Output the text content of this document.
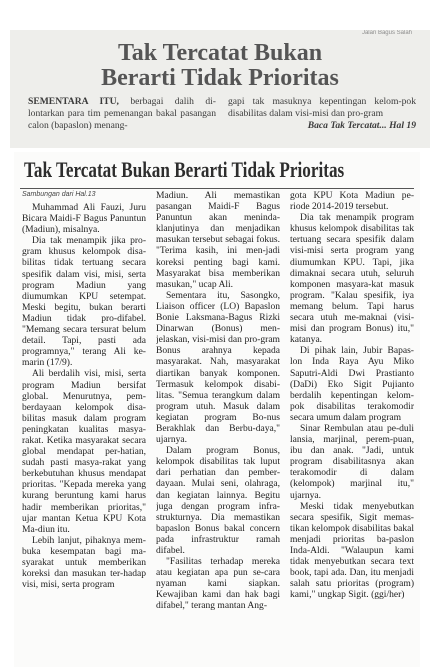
Jalan Bagus Salah
Tak Tercatat Bukan
Berarti Tidak Prioritas
SEMENTARA ITU, berbagai dalih di-lontarkan para tim pemenangan bakal pasangan calon (bapaslon) menang-
gapi tak masuknya kepentingan kelom-pok disabilitas dalam visi-misi dan pro-gram
Baca Tak Tercatat... Hal 19
Tak Tercatat Bukan Berarti Tidak Prioritas
Sambungan dari Hal.13

Muhammad Ali Fauzi, Juru Bicara Maidi-F Bagus Panuntun (Madiun), misalnya.

Dia tak menampik jika pro-gram khusus kelompok disa-bilitas tidak tertuang secara spesifik dalam visi, misi, serta program Madiun yang diumumkan KPU setempat. Meski begitu, bukan berarti Madiun tidak pro-difabel. "Memang secara tersurat belum detail. Tapi, pasti ada programnya," terang Ali ke-marin (17/9).

Ali berdalih visi, misi, serta program Madiun bersifat global. Menurutnya, pem-berdayaan kelompok disa-bilitas masuk dalam program peningkatan kualitas masya-rakat. Ketika masyarakat secara global mendapat per-hatian, sudah pasti masya-rakat yang berkebutuhan khusus mendapat prioritas. "Kepada mereka yang kurang beruntung kami harus hadir memberikan prioritas," ujar mantan Ketua KPU Kota Ma-diun itu.

Lebih lanjut, pihaknya mem-buka kesempatan bagi ma-syarakat untuk memberikan koreksi dan masukan ter-hadap visi, misi, serta program

Madiun. Ali memastikan pasangan Maidi-F Bagus Panuntun akan meninda-klanjutinya dan menjadikan masukan tersebut sebagai fokus. "Terima kasih, ini men-jadi koreksi penting bagi kami. Masyarakat bisa memberikan masukan," ucap Ali.

Sementara itu, Sasongko, Liaison officer (LO) Bapaslon Bonie Laksmana-Bagus Rizki Dinarwan (Bonus) men-jelaskan, visi-misi dan pro-gram Bonus arahnya kepada masyarakat. Nah, masyarakat diartikan banyak komponen. Termasuk kelompok disabi-litas. "Semua terangkum dalam program utuh. Masuk dalam kegiatan program Bo-nus Berakhlak dan Berbu-daya," ujarnya.

Dalam program Bonus, kelompok disabilitas tak luput dari perhatian dan pember-dayaan. Mulai seni, olahraga, dan kegiatan lainnya. Begitu juga dengan program infra-strukturnya. Dia memastikan bapaslon Bonus bakal concern pada infrastruktur ramah difabel.

"Fasilitas terhadap mereka atau kegiatan apa pun se-cara nyaman kami siapkan. Kewajiban kami dan hak bagi difabel," terang mantan Ang-

gota KPU Kota Madiun pe-riode 2014-2019 tersebut.

Dia tak menampik program khusus kelompok disabilitas tak tertuang secara spesifik dalam visi-misi serta program yang diumumkan KPU. Tapi, jika dimaknai secara utuh, seluruh komponen masyara-kat masuk program. "Kalau spesifik, iya memang belum. Tapi harus secara utuh me-maknai (visi-misi dan program Bonus) itu," katanya.

Di pihak lain, Jubir Bapas-lon Inda Raya Ayu Miko Saputri-Aldi Dwi Prastianto (DaDi) Eko Sigit Pujianto berdalih kepentingan kelom-pok disabilitas terakomodir secara umum dalam program

Sinar Rembulan atau pe-duli lansia, marjinal, perem-puan, ibu dan anak. "Jadi, untuk program disabilitasnya akan terakomodir di dalam (kelompok) marjinal itu," ujarnya.

Meski tidak menyebutkan secara spesifik, Sigit memas-tikan kelompok disabilitas bakal menjadi prioritas ba-paslon Inda-Aldi. "Walaupun kami tidak menyebutkan secara text book, tapi ada. Dan, itu menjadi salah satu prioritas (program) kami," ungkap Sigit. (ggi/her)
